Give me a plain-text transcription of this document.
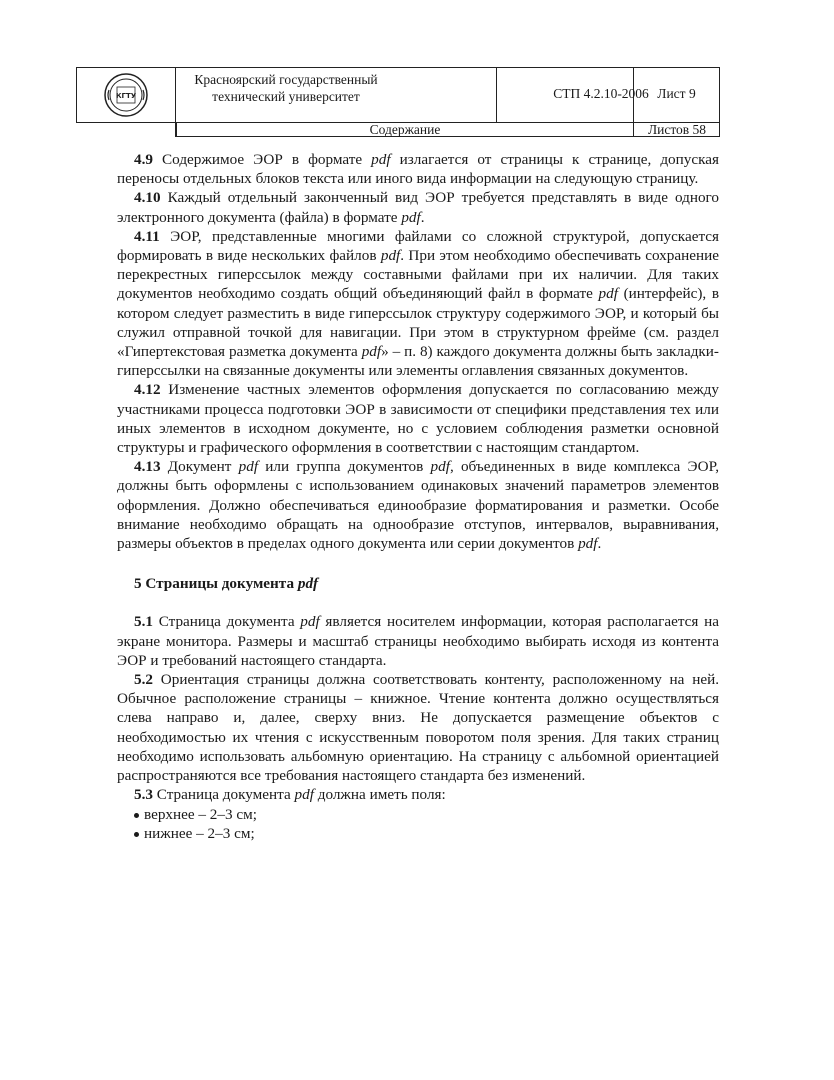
КГТУ
Красноярский государственный технический университет	СТП 4.2.10-2006 Лист 9
Содержание	Листов 58

4.9 Содержимое ЭОР в формате pdf излагается от страницы к странице, допуская переносы отдельных блоков текста или иного вида информации на следующую страницу.

4.10 Каждый отдельный законченный вид ЭОР требуется представлять в виде одного электронного документа (файла) в формате pdf.

4.11 ЭОР, представленные многими файлами со сложной структурой, допускается формировать в виде нескольких файлов pdf. При этом необходимо обеспечивать сохранение перекрестных гиперссылок между составными файлами при их наличии. Для таких документов необходимо создать общий объединяющий файл в формате pdf (интерфейс), в котором следует разместить в виде гиперссылок структуру содержимого ЭОР, и который бы служил отправной точкой для навигации. При этом в структурном фрейме (см. раздел «Гипертекстовая разметка документа pdf» – п. 8) каждого документа должны быть закладки-гиперссылки на связанные документы или элементы оглавления связанных документов.

4.12 Изменение частных элементов оформления допускается по согласованию между участниками процесса подготовки ЭОР в зависимости от специфики представления тех или иных элементов в исходном документе, но с условием соблюдения разметки основной структуры и графического оформления в соответствии с настоящим стандартом.

4.13 Документ pdf или группа документов pdf, объединенных в виде комплекса ЭОР, должны быть оформлены с использованием одинаковых значений параметров элементов оформления. Должно обеспечиваться единообразие форматирования и разметки. Особе внимание необходимо обращать на однообразие отступов, интервалов, выравнивания, размеры объектов в пределах одного документа или серии документов pdf.

5 Страницы документа pdf

5.1 Страница документа pdf является носителем информации, которая располагается на экране монитора. Размеры и масштаб страницы необходимо выбирать исходя из контента ЭОР и требований настоящего стандарта.

5.2 Ориентация страницы должна соответствовать контенту, расположенному на ней. Обычное расположение страницы – книжное. Чтение контента должно осуществляться слева направо и, далее, сверху вниз. Не допускается размещение объектов с необходимостью их чтения с искусственным поворотом поля зрения. Для таких страниц необходимо использовать альбомную ориентацию. На страницу с альбомной ориентацией распространяются все требования настоящего стандарта без изменений.

5.3 Страница документа pdf должна иметь поля:

верхнее – 2–3 см;

нижнее – 2–3 см;
